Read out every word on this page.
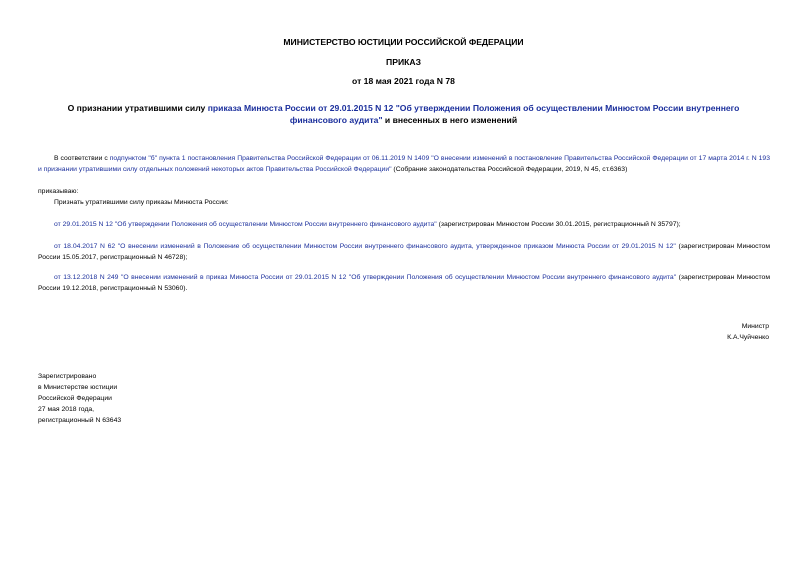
МИНИСТЕРСТВО ЮСТИЦИИ РОССИЙСКОЙ ФЕДЕРАЦИИ
ПРИКАЗ
от 18 мая 2021 года N 78
О признании утратившими силу приказа Минюста России от 29.01.2015 N 12 "Об утверждении Положения об осуществлении Минюстом России внутреннего финансового аудита" и внесенных в него изменений

В соответствии с подпунктом "б" пункта 1 постановления Правительства Российской Федерации от 06.11.2019 N 1409 "О внесении изменений в постановление Правительства Российской Федерации от 17 марта 2014 г. N 193 и признании утратившими силу отдельных положений некоторых актов Правительства Российской Федерации" (Собрание законодательства Российской Федерации, 2019, N 45, ст.6363)

приказываю:

Признать утратившими силу приказы Минюста России:

от 29.01.2015 N 12 "Об утверждении Положения об осуществлении Минюстом России внутреннего финансового аудита" (зарегистрирован Минюстом России 30.01.2015, регистрационный N 35797);

от 18.04.2017 N 62 "О внесении изменений в Положение об осуществлении Минюстом России внутреннего финансового аудита, утвержденное приказом Минюста России от 29.01.2015 N 12" (зарегистрирован Минюстом России 15.05.2017, регистрационный N 46728);

от 13.12.2018 N 249 "О внесении изменений в приказ Минюста России от 29.01.2015 N 12 "Об утверждении Положения об осуществлении Минюстом России внутреннего финансового аудита" (зарегистрирован Минюстом России 19.12.2018, регистрационный N 53060).

Министр
К.А.Чуйченко
Зарегистрировано
в Министерстве юстиции
Российской Федерации
27 мая 2018 года,
регистрационный N 63643
